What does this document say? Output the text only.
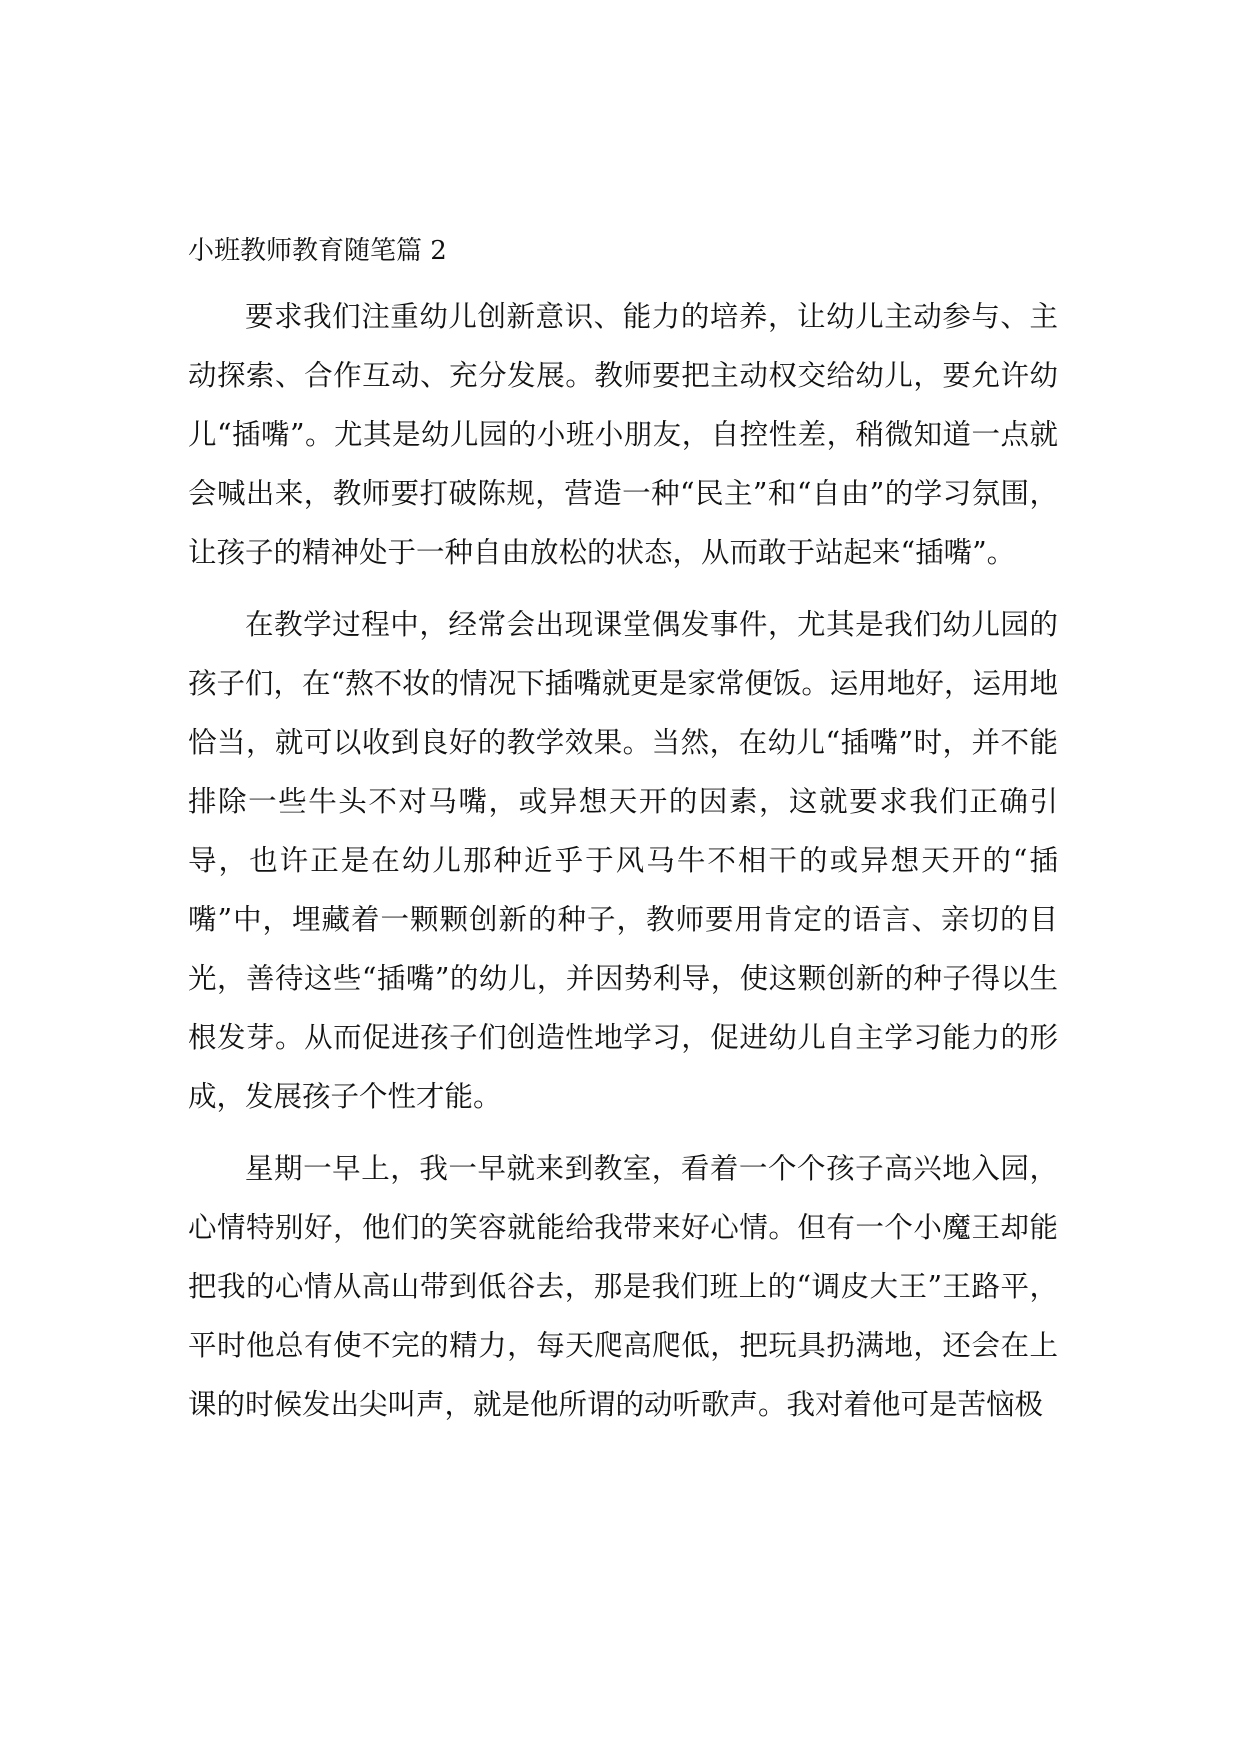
小班教师教育随笔篇 2

要求我们注重幼儿创新意识、能力的培养，让幼儿主动参与、主动探索、合作互动、充分发展。教师要把主动权交给幼儿，要允许幼儿“插嘴”。尤其是幼儿园的小班小朋友，自控性差，稍微知道一点就会喊出来，教师要打破陈规，营造一种“民主”和“自由”的学习氛围，让孩子的精神处于一种自由放松的状态，从而敢于站起来“插嘴”。

在教学过程中，经常会出现课堂偶发事件，尤其是我们幼儿园的孩子们，在“熬不妆的情况下插嘴就更是家常便饭。运用地好，运用地恰当，就可以收到良好的教学效果。当然，在幼儿“插嘴”时，并不能排除一些牛头不对马嘴，或异想天开的因素，这就要求我们正确引导，也许正是在幼儿那种近乎于风马牛不相干的或异想天开的“插嘴”中，埋藏着一颗颗创新的种子，教师要用肯定的语言、亲切的目光，善待这些“插嘴”的幼儿，并因势利导，使这颗创新的种子得以生根发芽。从而促进孩子们创造性地学习，促进幼儿自主学习能力的形成，发展孩子个性才能。

星期一早上，我一早就来到教室，看着一个个孩子高兴地入园，心情特别好，他们的笑容就能给我带来好心情。但有一个小魔王却能把我的心情从高山带到低谷去，那是我们班上的“调皮大王”王路平，平时他总有使不完的精力，每天爬高爬低，把玩具扔满地，还会在上课的时候发出尖叫声，就是他所谓的动听歌声。我对着他可是苦恼极
